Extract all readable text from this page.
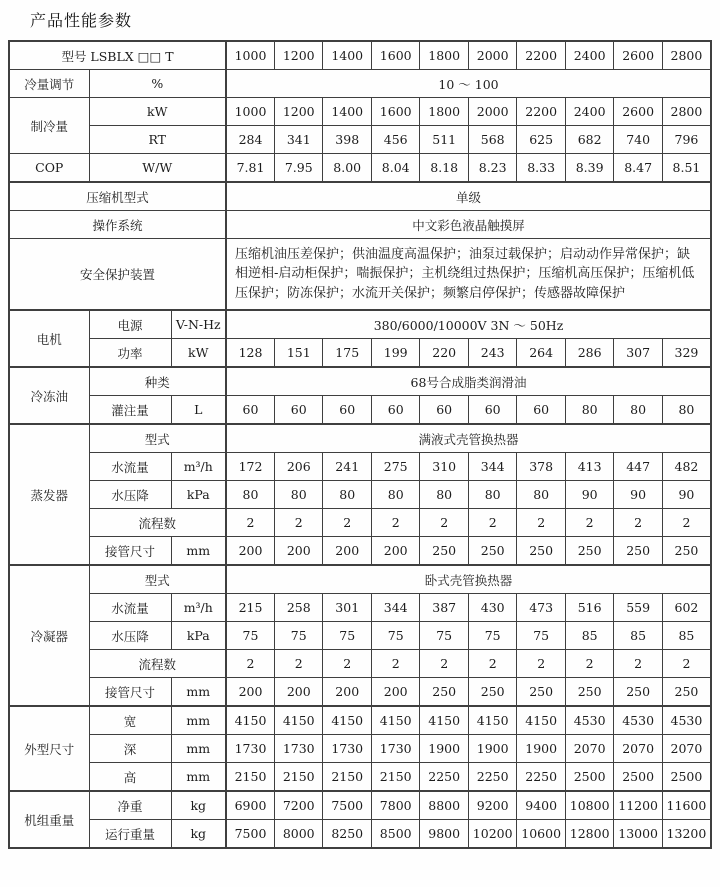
产品性能参数
型号 LSBLX □□ T			1000	1200	1400	1600	1800	2000	2200	2400	2600	2800
冷量调节	%		10 ～ 100									
制冷量	kW		1000	1200	1400	1600	1800	2000	2200	2400	2600	2800
	RT		284	341	398	456	511	568	625	682	740	796
COP	W/W		7.81	7.95	8.00	8.04	8.18	8.23	8.33	8.39	8.47	8.51
压缩机型式			单级									
操作系统			中文彩色液晶触摸屏									
安全保护装置			压缩机油压差保护；供油温度高温保护；油泵过载保护；启动动作异常保护；缺相逆相-启动柜保护；喘振保护；主机绕组过热保护；压缩机高压保护；压缩机低压保护；防冻保护；水流开关保护；频繁启停保护；传感器故障保护									
电机	电源	V-N-Hz	380/6000/10000V 3N ～ 50Hz									
	功率	kW	128	151	175	199	220	243	264	286	307	329
冷冻油	种类		68号合成脂类润滑油									
	灌注量	L	60	60	60	60	60	60	60	80	80	80
蒸发器	型式		满液式壳管换热器									
	水流量	m³/h	172	206	241	275	310	344	378	413	447	482
	水压降	kPa	80	80	80	80	80	80	80	90	90	90
	流程数		2	2	2	2	2	2	2	2	2	2
	接管尺寸	mm	200	200	200	200	250	250	250	250	250	250
冷凝器	型式		卧式壳管换热器									
	水流量	m³/h	215	258	301	344	387	430	473	516	559	602
	水压降	kPa	75	75	75	75	75	75	75	85	85	85
	流程数		2	2	2	2	2	2	2	2	2	2
	接管尺寸	mm	200	200	200	200	250	250	250	250	250	250
外型尺寸	宽	mm	4150	4150	4150	4150	4150	4150	4150	4530	4530	4530
	深	mm	1730	1730	1730	1730	1900	1900	1900	2070	2070	2070
	高	mm	2150	2150	2150	2150	2250	2250	2250	2500	2500	2500
机组重量	净重	kg	6900	7200	7500	7800	8800	9200	9400	10800	11200	11600
	运行重量	kg	7500	8000	8250	8500	9800	10200	10600	12800	13000	13200
